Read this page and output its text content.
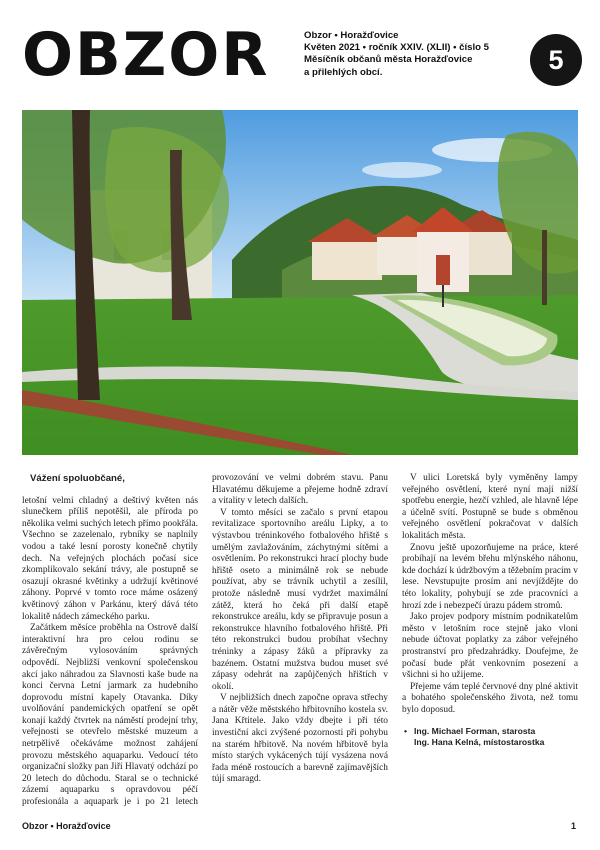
OBZOR	Obzor • Horažďovice
Květen 2021 • ročník XXIV. (XLII) • číslo 5
Měsíčník občanů města Horažďovice
a přilehlých obcí.	5

Vážení spoluobčané,

letošní velmi chladný a deštivý květen nás slunečkem příliš nepotěšil, ale příroda po několika velmi suchých letech přímo pookřála. Všechno se zazelenalo, rybníky se naplnily vodou a také lesní porosty konečně chytily dech. Na veřejných plochách počasí sice zkomplikovalo sekání trávy, ale postupně se osazují okrasné květinky a udržují květinové záhony. Poprvé v tomto roce máme osázený květinový záhon v Parkánu, který dává této lokalitě nádech zámeckého parku.

Začátkem měsíce proběhla na Ostrově další interaktivní hra pro celou rodinu se závěrečným vylosováním správných odpovědí. Nejbližší venkovní společenskou akcí jako náhradou za Slavnosti kaše bude na konci června Letní jarmark za hudebního doprovodu místní kapely Otavanka. Díky uvolňování pandemických opatření se opět konají každý čtvrtek na náměstí prodejní trhy, veřejnosti se otevřelo městské muzeum a netrpělivě očekáváme možnost zahájení provozu městského aquaparku. Vedoucí této organizační složky pan Jiří Hlavatý odchází po 20 letech do důchodu. Staral se o technické zázemí aquaparku s opravdovou péčí profesionála a aquapark je i po 21 letech provozování ve velmi dobrém stavu. Panu Hlavatému děkujeme a přejeme hodně zdraví a vitality v letech dalších.

V tomto měsíci se začalo s první etapou revitalizace sportovního areálu Lipky, a to výstavbou tréninkového fotbalového hřiště s umělým zavlažováním, záchytnými sítěmi a osvětlením. Po rekonstrukci hrací plochy bude hřiště oseto a minimálně rok se nebude používat, aby se trávník uchytil a zesílil, protože následně musí vydržet maximální zátěž, která ho čeká při další etapě rekonstrukce areálu, kdy se připravuje posun a rekonstrukce hlavního fotbalového hřiště. Při této rekonstrukci budou probíhat všechny tréninky a zápasy žáků a přípravky za bazénem. Ostatní mužstva budou muset své zápasy odehrát na zapůjčených hřištích v okolí.

V nejbližších dnech započne oprava střechy a nátěr věže městského hřbitovního kostela sv. Jana Křtitele. Jako vždy dbejte i při této investiční akci zvýšené pozornosti při pohybu na starém hřbitově. Na novém hřbitově byla místo starých vykácených tújí vysázena nová řada méně rostoucích a barevně zajímavějších tújí smaragd.

V ulici Loretská byly vyměněny lampy veřejného osvětlení, které nyní mají nižší spotřebu energie, hezčí vzhled, ale hlavně lépe a účelně svítí. Postupně se bude s obměnou veřejného osvětlení pokračovat v dalších lokalitách města.

Znovu ještě upozorňujeme na práce, které probíhají na levém břehu mlýnského náhonu, kde dochází k údržbovým a těžebním pracím v lese. Nevstupujte prosím ani nevjíždějte do této lokality, pohybují se zde pracovníci a hrozí zde i nebezpečí úrazu pádem stromů.

Jako projev podpory místním podnikatelům město v letošním roce stejně jako vloni nebude účtovat poplatky za zábor veřejného prostranství pro předzahrádky. Doufejme, že počasí bude přát venkovním posezení a všichni si ho užijeme.

Přejeme vám teplé červnové dny plné aktivit a bohatého společenského života, než tomu bylo doposud.

• Ing. Michael Forman, starosta
Ing. Hana Kelná, místostarostka
Obzor • Horažďovice	1
